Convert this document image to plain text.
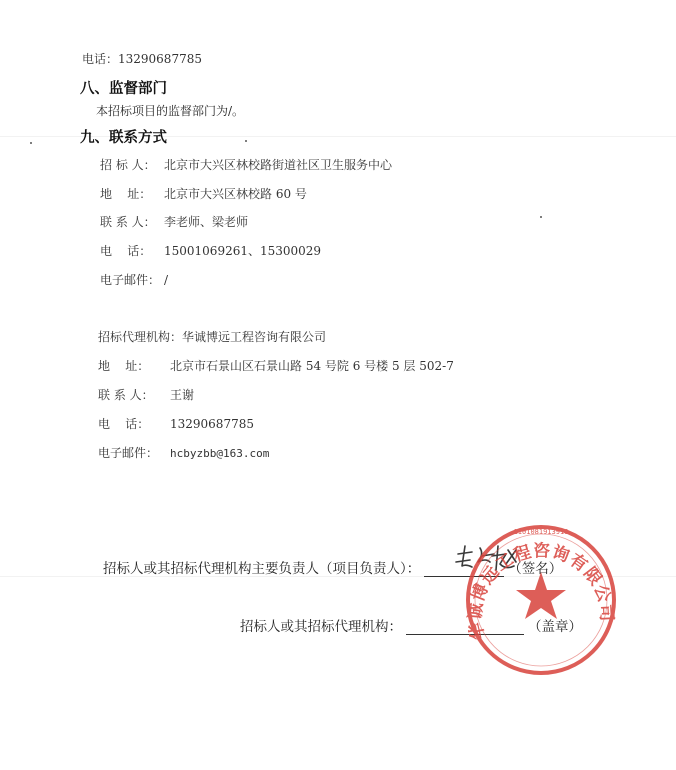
电话：13290687785
八、监督部门
本招标项目的监督部门为/。
九、联系方式
招 标 人： 北京市大兴区林校路街道社区卫生服务中心
地    址： 北京市大兴区林校路 60 号
联 系 人： 李老师、梁老师
电    话： 15001069261、15300029
电子邮件： /
招标代理机构：华诚博远工程咨询有限公司
地    址： 北京市石景山区石景山路 54 号院 6 号楼 5 层 502-7
联 系 人： 王谢
电    话： 13290687785
电子邮件： hcbyzbb@163.com
招标人或其招标代理机构主要负责人（项目负责人）：	（签名）
招标人或其招标代理机构：	（盖章）
华诚博远工程咨询有限公司
1101081913918
